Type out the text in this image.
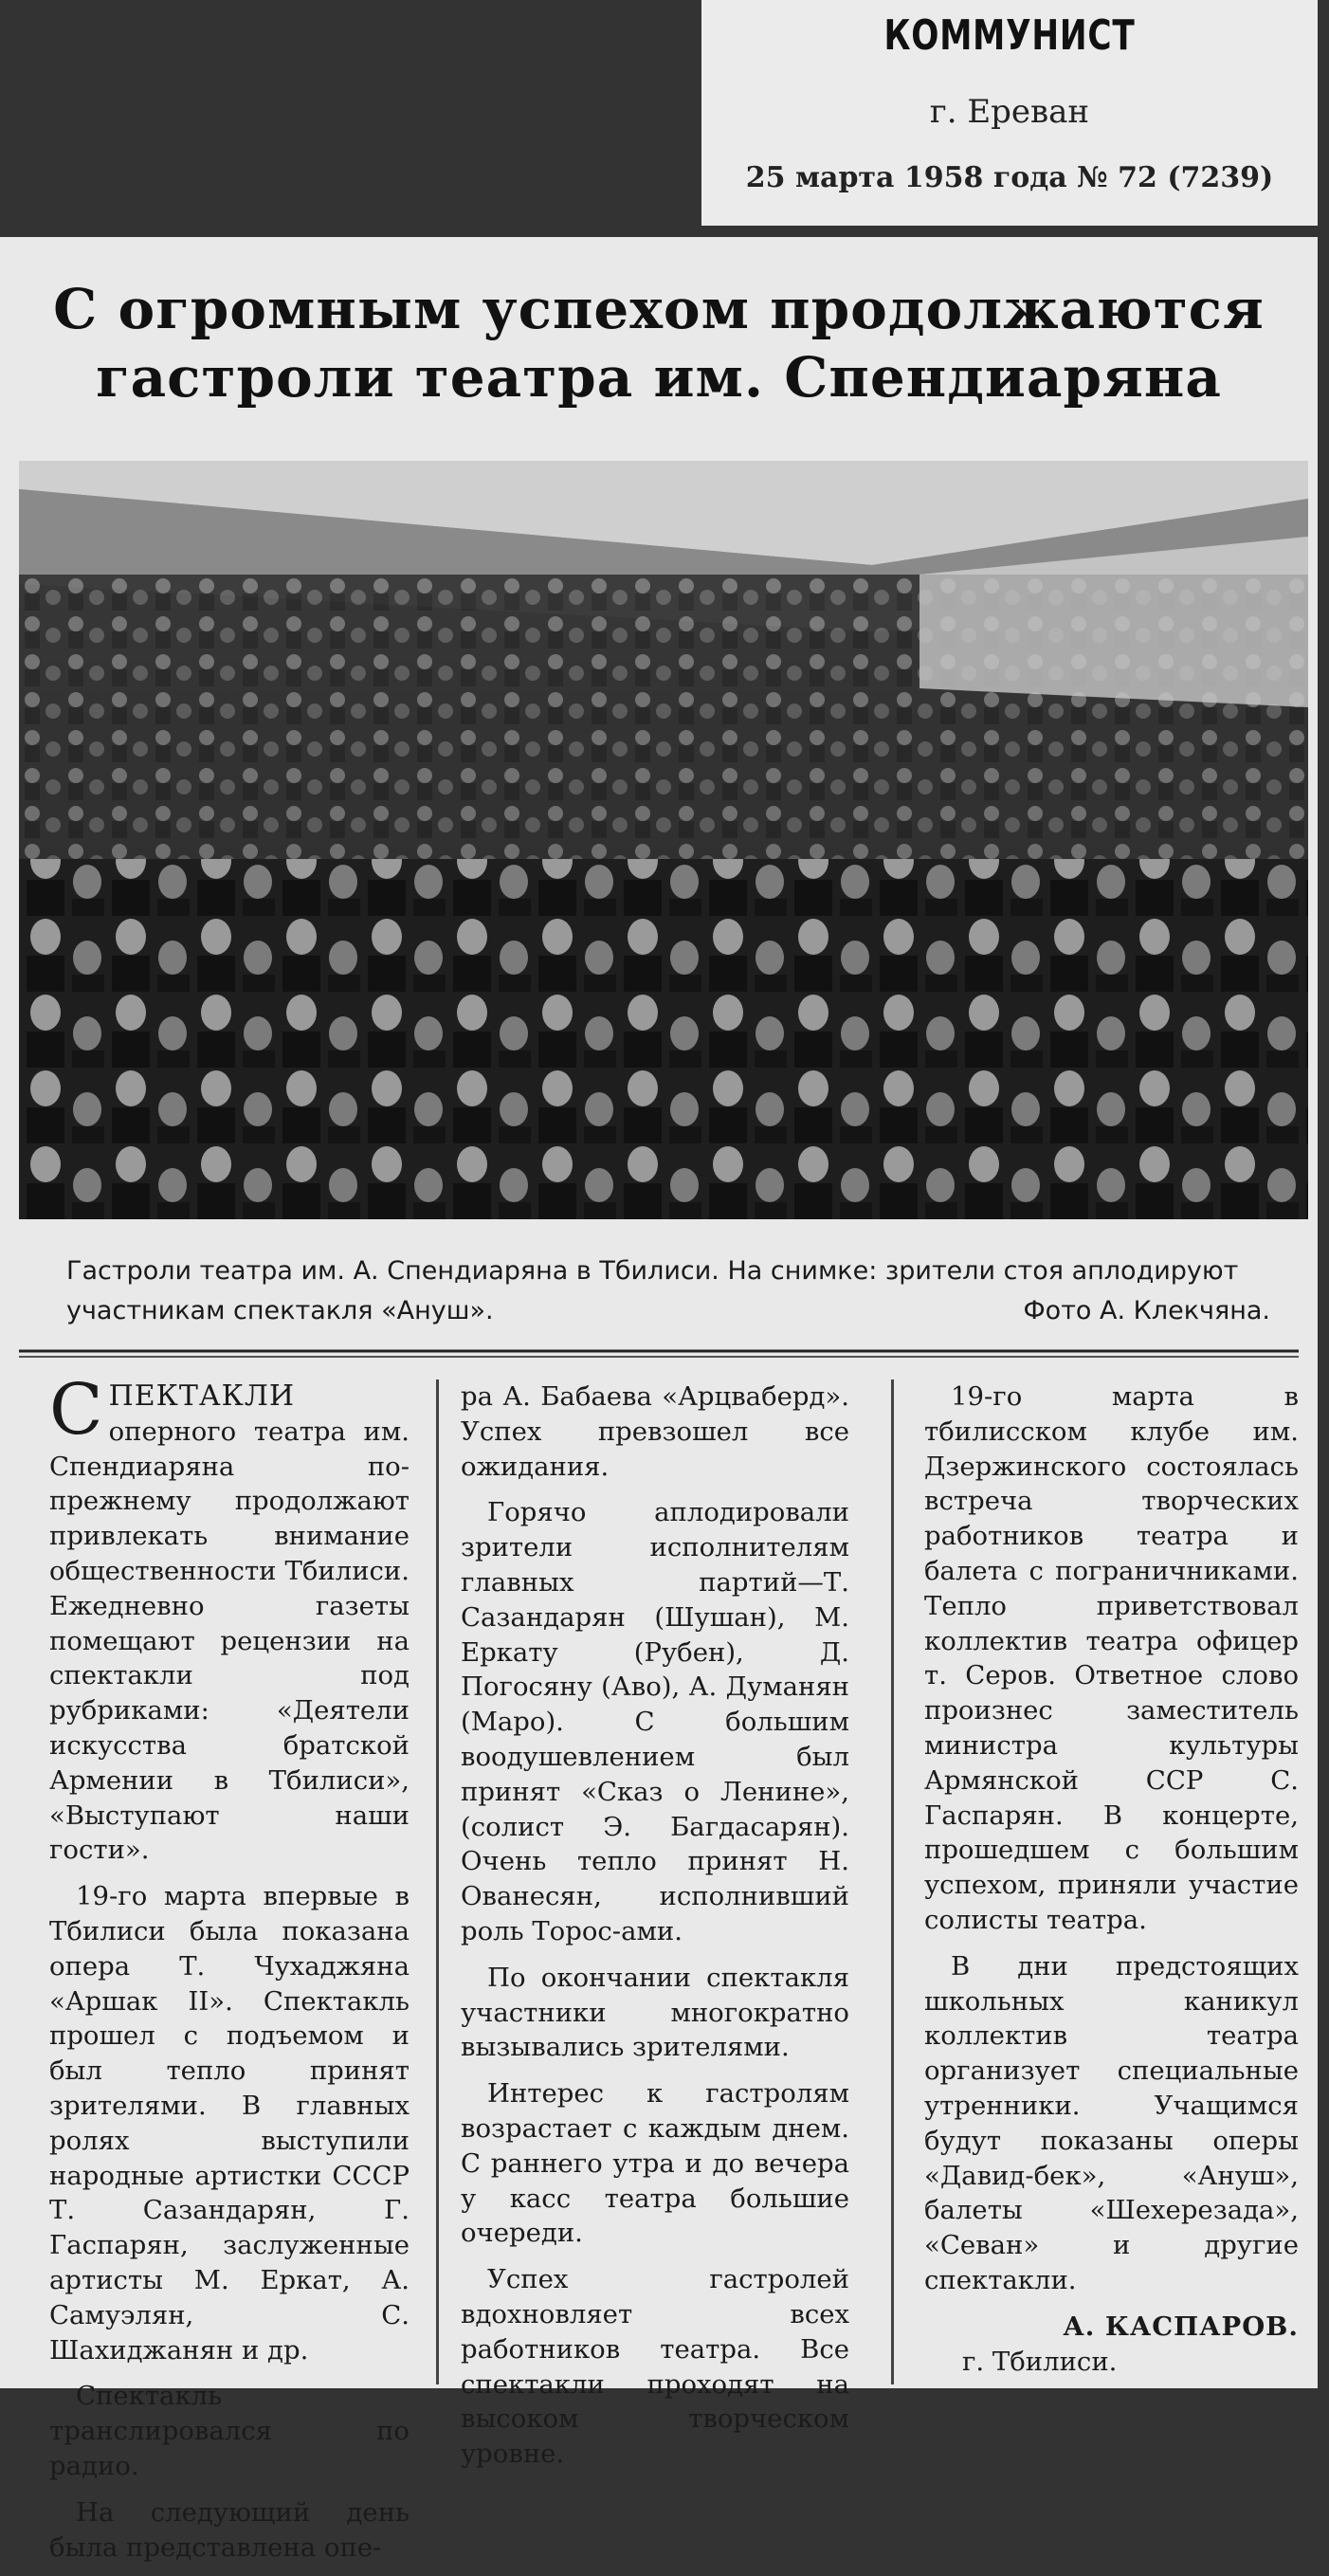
КОММУНИСТ
г. Ереван
25 марта 1958 года № 72 (7239)
С огромным успехом продолжаются
гастроли театра им. Спендиаряна
Гастроли театра им. А. Спендиаряна в Тбилиси. На снимке: зрители стоя аплодируют участникам спектакля «Ануш».	Фото А. Клекчяна.

СПЕКТАКЛИ оперного театра им. Спендиаряна по-прежнему продолжают привлекать внимание общественности Тбилиси. Ежедневно газеты помещают рецензии на спектакли под рубриками: «Деятели искусства братской Армении в Тбилиси», «Выступают наши гости».

19-го марта впервые в Тбилиси была показана опера Т. Чухаджяна «Аршак II». Спектакль прошел с подъемом и был тепло принят зрителями. В главных ролях выступили народные артистки СССР Т. Сазандарян, Г. Гаспарян, заслуженные артисты М. Еркат, А. Самуэлян, С. Шахиджанян и др.

Спектакль транслировался по радио.

На следующий день была представлена опе-

ра А. Бабаева «Арцваберд». Успех превзошел все ожидания.

Горячо аплодировали зрители исполнителям главных партий—Т. Сазандарян (Шушан), М. Еркату (Рубен), Д. Погосяну (Аво), А. Думанян (Маро). С большим воодушевлением был принят «Сказ о Ленине», (солист Э. Багдасарян). Очень тепло принят Н. Ованесян, исполнивший роль Торос-ами.

По окончании спектакля участники многократно вызывались зрителями.

Интерес к гастролям возрастает с каждым днем. С раннего утра и до вечера у касс театра большие очереди.

Успех гастролей вдохновляет всех работников театра. Все спектакли проходят на высоком творческом уровне.

19-го марта в тбилисском клубе им. Дзержинского состоялась встреча творческих работников театра и балета с пограничниками. Тепло приветствовал коллектив театра офицер т. Серов. Ответное слово произнес заместитель министра культуры Армянской ССР С. Гаспарян. В концерте, прошедшем с большим успехом, приняли участие солисты театра.

В дни предстоящих школьных каникул коллектив театра организует специальные утренники. Учащимся будут показаны оперы «Давид-бек», «Ануш», балеты «Шехерезада», «Севан» и другие спектакли.

А. КАСПАРОВ.

г. Тбилиси.
